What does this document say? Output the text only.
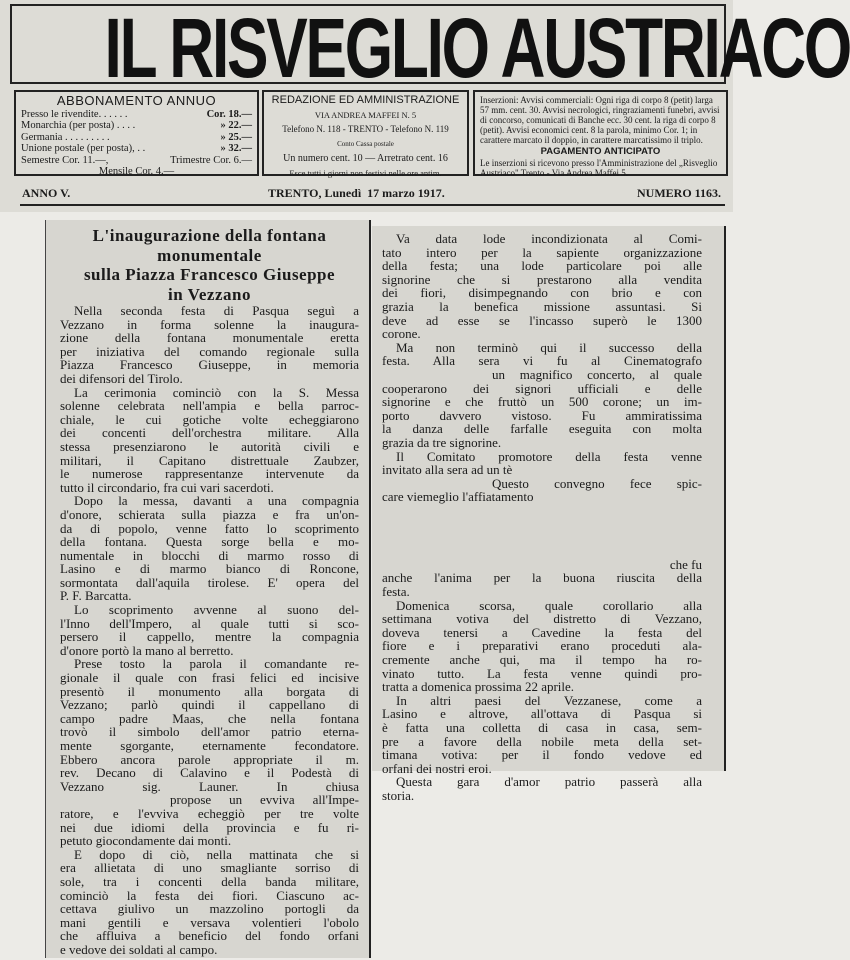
IL RISVEGLIO AUSTRIACO
ABBONAMENTO ANNUO
Presso le rivendite. . . . . .	Cor. 18.—
Monarchia (per posta) . . . .	» 22.—
Germania . . . . . . . . .	» 25.—
Unione postale (per posta), . .	» 32.—
Semestre Cor. 11.—,	Trimestre Cor. 6.—
Mensile Cor. 4.—
REDAZIONE ED AMMINISTRAZIONE
VIA ANDREA MAFFEI N. 5
Telefono N. 118 - TRENTO - Telefono N. 119
Conto Cassa postale
Un numero cent. 10 — Arretrato cent. 16
Esce tutti i giorni non festivi nelle ore antim.
Inserzioni: Avvisi commerciali: Ogni riga di corpo 8 (petit) larga 57 mm. cent. 30. Avvisi necrologici, ringraziamenti funebri, avvisi di concorso, comunicati di Banche ecc. 30 cent. la riga di corpo 8 (petit). Avvisi economici cent. 8 la parola, minimo Cor. 1; in carattere marcato il doppio, in carattere marcatissimo il triplo.
PAGAMENTO ANTICIPATO
Le inserzioni si ricevono presso l'Amministrazione del „Risveglio Austriaco" Trento - Via Andrea Maffei 5.
ANNO V.	TRENTO, Lunedì  17 marzo 1917.	NUMERO 1163.
L'inaugurazione della fontana
monumentale
sulla Piazza Francesco Giuseppe
in Vezzano
Nella seconda festa di Pasqua seguì a
Vezzano in forma solenne la inaugura-
zione della fontana monumentale eretta
per iniziativa del comando regionale sulla
Piazza Francesco Giuseppe, in memoria
dei difensori del Tirolo.
La cerimonia cominciò con la S. Messa
solenne celebrata nell'ampia e bella parroc-
chiale, le cui gotiche volte echeggiarono
dei concenti dell'orchestra militare. Alla
stessa presenziarono le autorità civili e
militari, il Capitano distrettuale Zaubzer,
le numerose rappresentanze intervenute da
tutto il circondario, fra cui vari sacerdoti.
Dopo la messa, davanti a una compagnia
d'onore, schierata sulla piazza e fra un'on-
da di popolo, venne fatto lo scoprimento
della fontana. Questa sorge bella e mo-
numentale in blocchi di marmo rosso di
Lasino e di marmo bianco di Roncone,
sormontata dall'aquila tirolese. E' opera del
P. F. Barcatta.
Lo scoprimento avvenne al suono del-
l'Inno dell'Impero, al quale tutti si sco-
persero il cappello, mentre la compagnia
d'onore portò la mano al berretto.
Prese tosto la parola il comandante re-
gionale il quale con frasi felici ed incisive
presentò il monumento alla borgata di
Vezzano; parlò quindi il cappellano di
campo padre Maas, che nella fontana
trovò il simbolo dell'amor patrio eterna-
mente sgorgante, eternamente fecondatore.
Ebbero ancora parole appropriate il m.
rev. Decano di Calavino e il Podestà di
Vezzano sig. Launer. In chiusa
propose un evviva all'Impe-
ratore, e l'evviva echeggiò per tre volte
nei due idiomi della provincia e fu ri-
petuto giocondamente dai monti.
E dopo di ciò, nella mattinata che si
era allietata di uno smagliante sorriso di
sole, tra i concenti della banda militare,
cominciò la festa dei fiori. Ciascuno ac-
cettava giulivo un mazzolino portogli da
mani gentili e versava volentieri l'obolo
che affluiva a beneficio del fondo orfani
e vedove dei soldati al campo.
Va data lode incondizionata al Comi-
tato intero per la sapiente organizzazione
della festa; una lode particolare poi alle
signorine che si prestarono alla vendita
dei fiori, disimpegnando con brio e con
grazia la benefica missione assuntasi. Si
deve ad esse se l'incasso superò le 1300
corone.
Ma non terminò qui il successo della
festa. Alla sera vi fu al Cinematografo
un magnifico concerto, al quale
cooperarono dei signori ufficiali e delle
signorine e che fruttò un 500 corone; un im-
porto davvero vistoso. Fu ammiratissima
la danza delle farfalle eseguita con molta
grazia da tre signorine.
Il Comitato promotore della festa venne
invitato alla sera ad un tè
Questo convegno fece spic-
care viemeglio l'affiatamento
che fu
anche l'anima per la buona riuscita della
festa.
Domenica scorsa, quale corollario alla
settimana votiva del distretto di Vezzano,
doveva tenersi a Cavedine la festa del
fiore e i preparativi erano proceduti ala-
cremente anche qui, ma il tempo ha ro-
vinato tutto. La festa venne quindi pro-
tratta a domenica prossima 22 aprile.
In altri paesi del Vezzanese, come a
Lasino e altrove, all'ottava di Pasqua si
è fatta una colletta di casa in casa, sem-
pre a favore della nobile meta della set-
timana votiva: per il fondo vedove ed
orfani dei nostri eroi.
Questa gara d'amor patrio passerà alla
storia.
